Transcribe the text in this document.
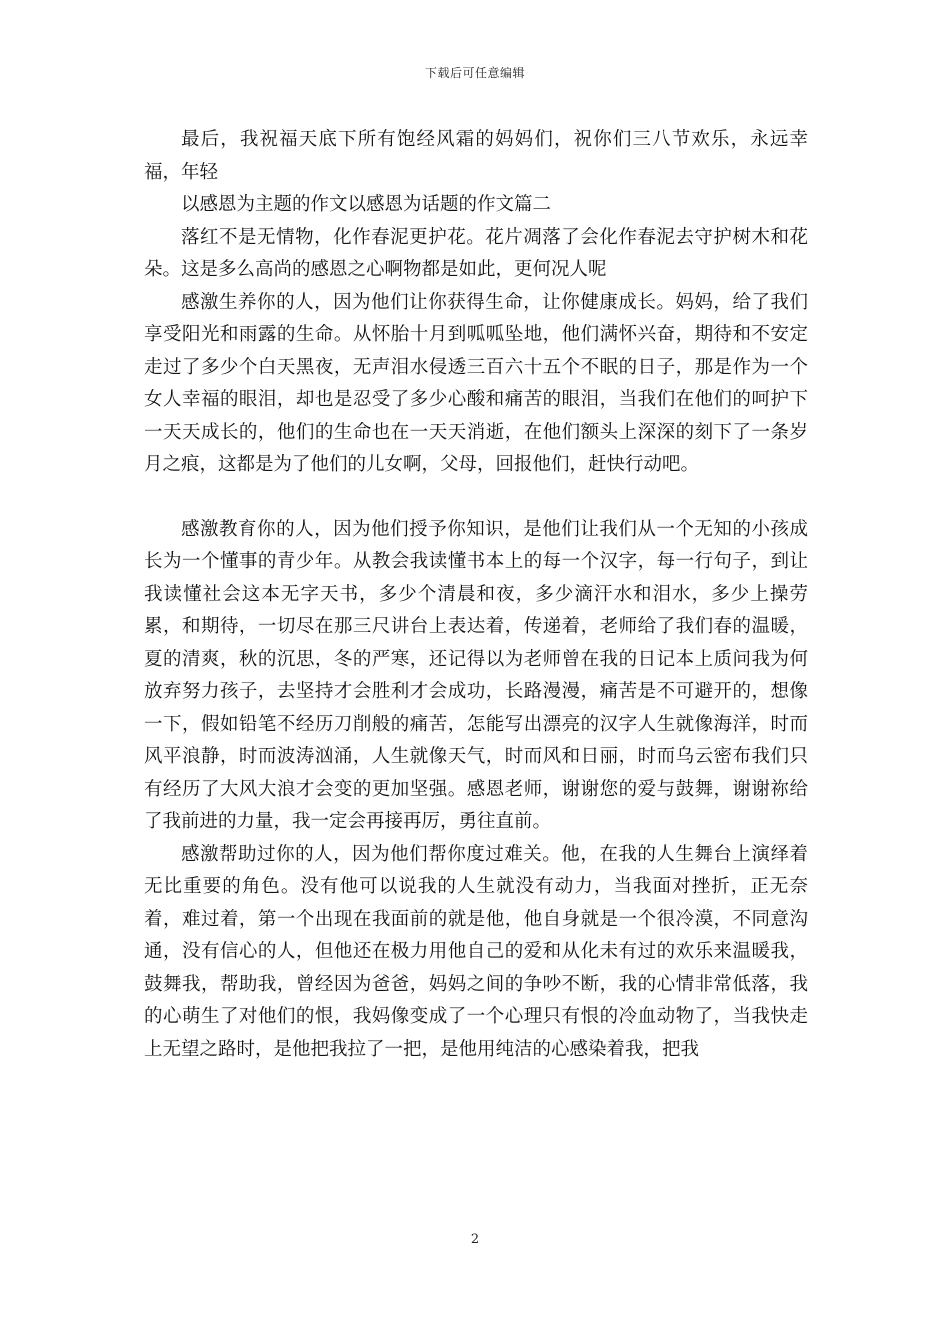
下载后可任意编辑

最后，我祝福天底下所有饱经风霜的妈妈们，祝你们三八节欢乐，永远幸福，年轻

以感恩为主题的作文以感恩为话题的作文篇二

落红不是无情物，化作春泥更护花。花片凋落了会化作春泥去守护树木和花朵。这是多么高尚的感恩之心啊物都是如此，更何况人呢

感激生养你的人，因为他们让你获得生命，让你健康成长。妈妈，给了我们享受阳光和雨露的生命。从怀胎十月到呱呱坠地，他们满怀兴奋，期待和不安定走过了多少个白天黑夜，无声泪水侵透三百六十五个不眠的日子，那是作为一个女人幸福的眼泪，却也是忍受了多少心酸和痛苦的眼泪，当我们在他们的呵护下一天天成长的，他们的生命也在一天天消逝，在他们额头上深深的刻下了一条岁月之痕，这都是为了他们的儿女啊，父母，回报他们，赶快行动吧。

感激教育你的人，因为他们授予你知识，是他们让我们从一个无知的小孩成长为一个懂事的青少年。从教会我读懂书本上的每一个汉字，每一行句子，到让我读懂社会这本无字天书，多少个清晨和夜，多少滴汗水和泪水，多少上操劳累，和期待，一切尽在那三尺讲台上表达着，传递着，老师给了我们春的温暖，夏的清爽，秋的沉思，冬的严寒，还记得以为老师曾在我的日记本上质问我为何放弃努力孩子，去坚持才会胜利才会成功，长路漫漫，痛苦是不可避开的，想像一下，假如铅笔不经历刀削般的痛苦，怎能写出漂亮的汉字人生就像海洋，时而风平浪静，时而波涛汹涌，人生就像天气，时而风和日丽，时而乌云密布我们只有经历了大风大浪才会变的更加坚强。感恩老师，谢谢您的爱与鼓舞，谢谢祢给了我前进的力量，我一定会再接再厉，勇往直前。

感激帮助过你的人，因为他们帮你度过难关。他，在我的人生舞台上演绎着无比重要的角色。没有他可以说我的人生就没有动力，当我面对挫折，正无奈着，难过着，第一个出现在我面前的就是他，他自身就是一个很冷漠，不同意沟通，没有信心的人，但他还在极力用他自己的爱和从化未有过的欢乐来温暖我，鼓舞我，帮助我，曾经因为爸爸，妈妈之间的争吵不断，我的心情非常低落，我的心萌生了对他们的恨，我妈像变成了一个心理只有恨的冷血动物了，当我快走上无望之路时，是他把我拉了一把，是他用纯洁的心感染着我，把我

2
